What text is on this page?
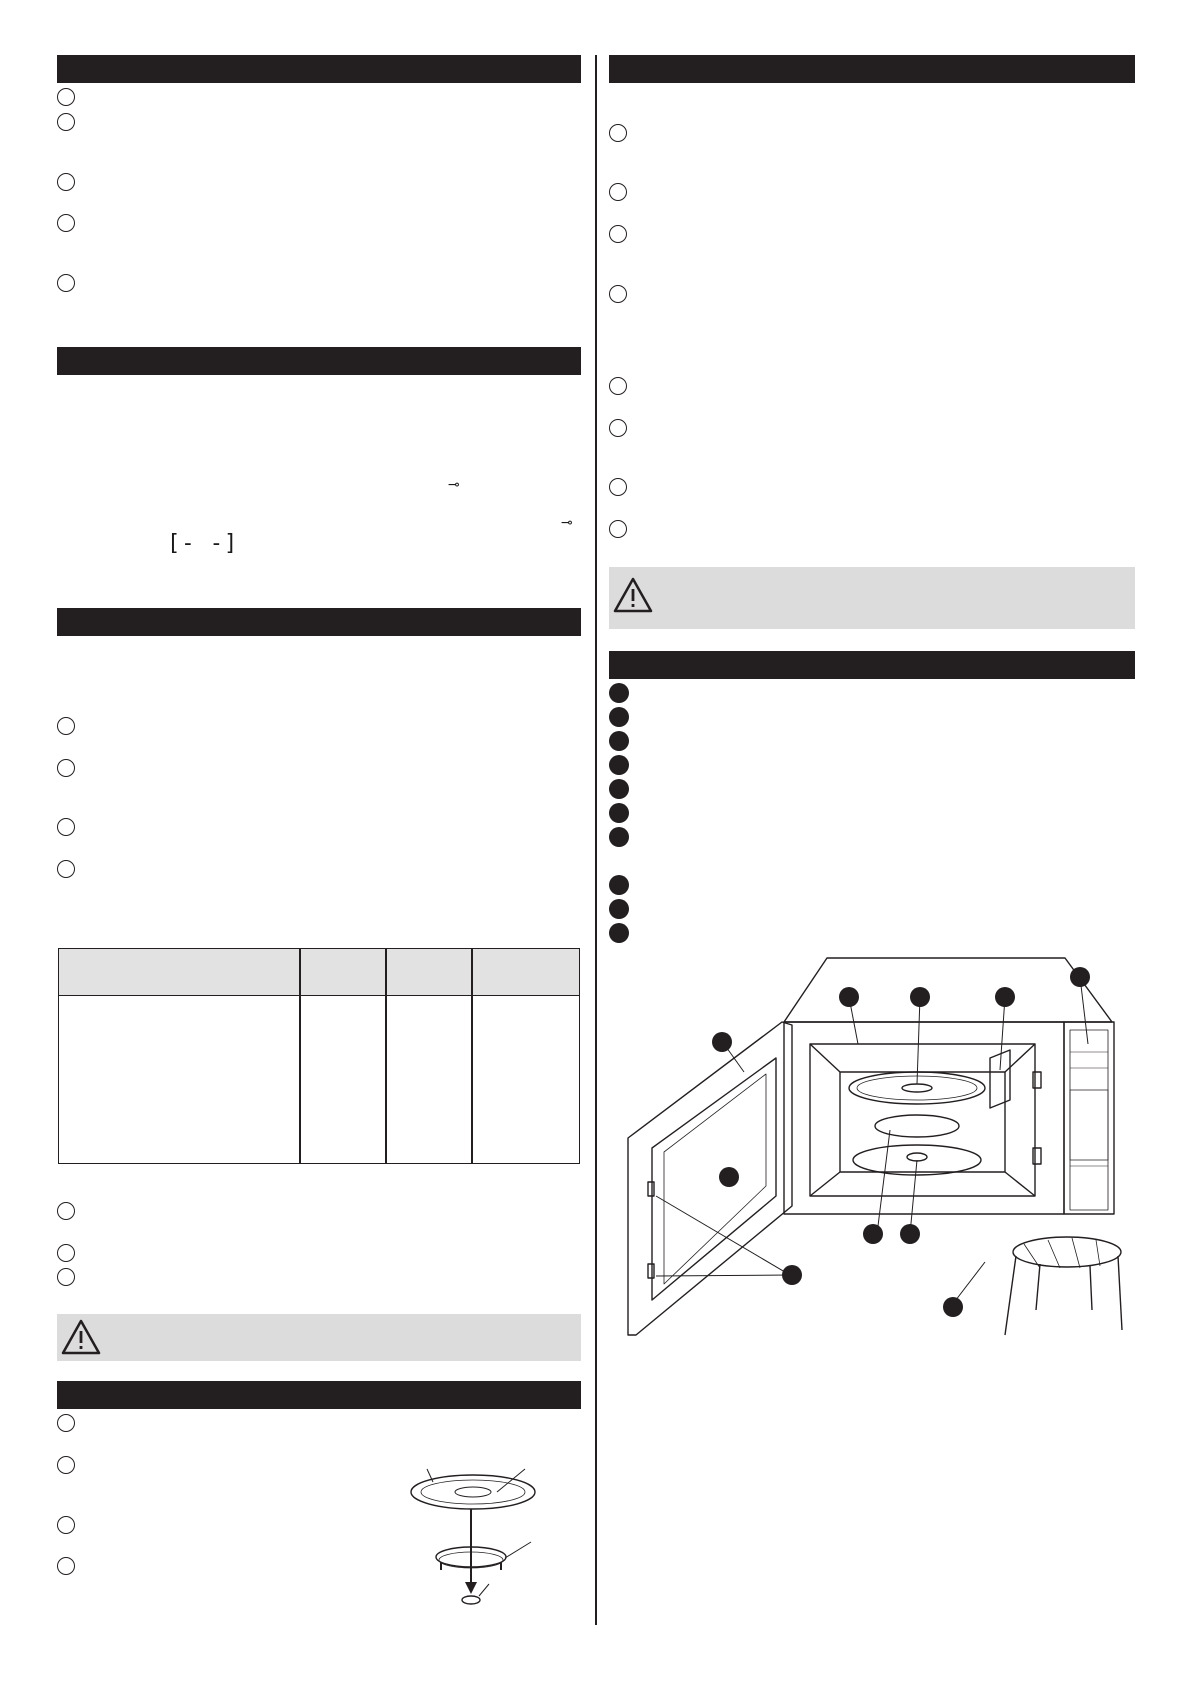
⊸
⊸
[- -]
